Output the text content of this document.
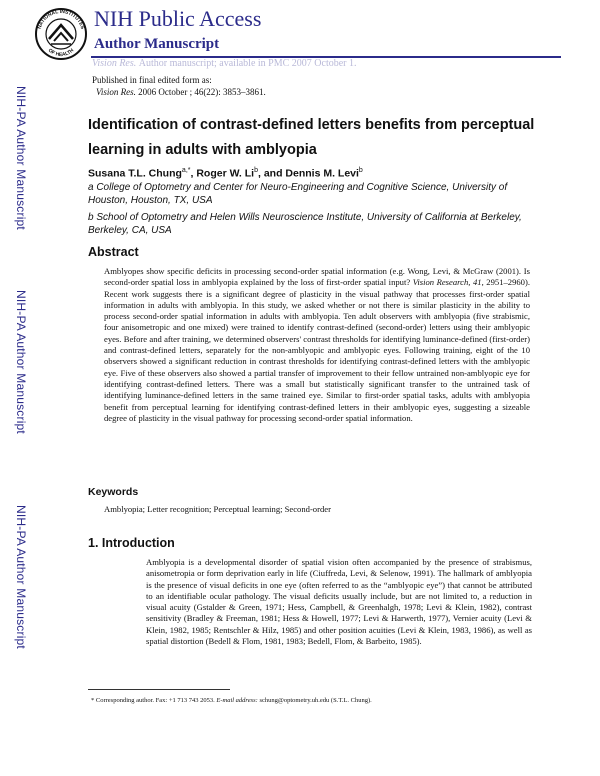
NATIONAL INSTITUTES
OF HEALTH
NIH Public Access
Author Manuscript
Vision Res. Author manuscript; available in PMC 2007 October 1.
Published in final edited form as:
Vision Res. 2006 October ; 46(22): 3853–3861.
NIH-PA Author Manuscript
NIH-PA Author Manuscript
NIH-PA Author Manuscript
Identification of contrast-defined letters benefits from perceptual learning in adults with amblyopia
Susana T.L. Chung$^{a,*}$, Roger W. Li$^b$, and Dennis M. Levi$^b$
a College of Optometry and Center for Neuro-Engineering and Cognitive Science, University of Houston, Houston, TX, USA
b School of Optometry and Helen Wills Neuroscience Institute, University of California at Berkeley, Berkeley, CA, USA
Abstract
Amblyopes show specific deficits in processing second-order spatial information (e.g. Wong, Levi, & McGraw (2001). Is second-order spatial loss in amblyopia explained by the loss of first-order spatial input? Vision Research, 41, 2951–2960). Recent work suggests there is a significant degree of plasticity in the visual pathway that processes first-order spatial information in adults with amblyopia. In this study, we asked whether or not there is similar plasticity in the ability to process second-order spatial information in adults with amblyopia. Ten adult observers with amblyopia (five strabismic, four anisometropic and one mixed) were trained to identify contrast-defined (second-order) letters using their amblyopic eyes. Before and after training, we determined observers' contrast thresholds for identifying luminance-defined (first-order) and contrast-defined letters, separately for the non-amblyopic and amblyopic eyes. Following training, eight of the 10 observers showed a significant reduction in contrast thresholds for identifying contrast-defined letters with the amblyopic eye. Five of these observers also showed a partial transfer of improvement to their fellow untrained non-amblyopic eye for identifying contrast-defined letters. There was a small but statistically significant transfer to the untrained task of identifying luminance-defined letters in the same trained eye. Similar to first-order spatial tasks, adults with amblyopia benefit from perceptual learning for identifying contrast-defined letters in their amblyopic eyes, suggesting a sizeable degree of plasticity in the visual pathway for processing second-order spatial information.
Keywords
Amblyopia; Letter recognition; Perceptual learning; Second-order
1. Introduction
Amblyopia is a developmental disorder of spatial vision often accompanied by the presence of strabismus, anisometropia or form deprivation early in life (Ciuffreda, Levi, & Selenow, 1991). The hallmark of amblyopia is the presence of visual deficits in one eye (often referred to as the “amblyopic eye”) that cannot be attributed to an identifiable ocular pathology. The visual deficits usually include, but are not limited to, a reduction in visual acuity (Gstalder & Green, 1971; Hess, Campbell, & Greenhalgh, 1978; Levi & Klein, 1982), contrast sensitivity (Bradley & Freeman, 1981; Hess & Howell, 1977; Levi & Harwerth, 1977), Vernier acuity (Levi & Klein, 1982, 1985; Rentschler & Hilz, 1985) and other position acuities (Levi & Klein, 1983, 1986), as well as spatial distortion (Bedell & Flom, 1981, 1983; Bedell, Flom, & Barbeito, 1985).
* Corresponding author. Fax: +1 713 743 2053. E-mail address: schung@optometry.uh.edu (S.T.L. Chung).
